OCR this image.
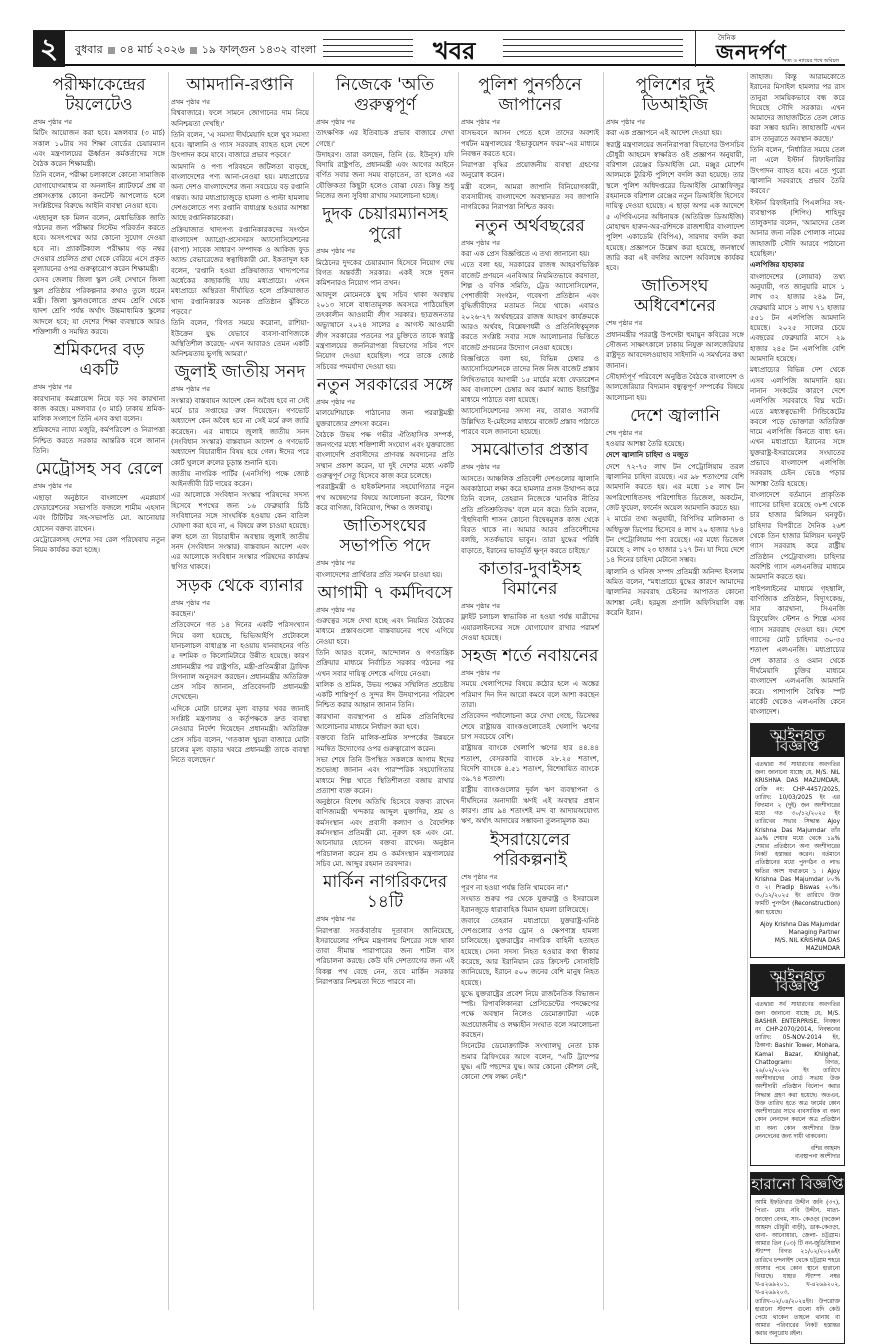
২	বুধবার ০৪ মার্চ ২০২৬ ১৯ ফাল্গুন ১৪৩২ বাংলা	খবর	দৈনিক
জনদর্পণ
সত্য ও ন্যায়ের পথে অবিচল
পরীক্ষাকেন্দ্রের টয়লেটেও
প্রথম পৃষ্ঠার পর

মিটিং আয়োজন করা হবে। মঙ্গলবার (৩ মার্চ) সকাল ১০টায় সব শিক্ষা বোর্ডের চেয়ারম্যান এবং মন্ত্রণালয়ের ঊর্ধ্বতন কর্মকর্তাদের সঙ্গে বৈঠক করেন শিক্ষামন্ত্রী।

তিনি বলেন, পরীক্ষা চলাকালে কোনো সামাজিক যোগাযোগমাধ্যম বা অনলাইন প্ল্যাটফর্মে প্রশ্ন বা প্রশ্নসংক্রান্ত কোনো কনটেন্ট আপলোড হলে সংশ্লিষ্টদের বিরুদ্ধে আইনি ব্যবস্থা নেওয়া হবে।

এহছানুল হক মিলন বলেন, মেধাভিত্তিক জাতি গঠনের জন্য পরীক্ষার সিস্টেম পরিবর্তন করতে হবে। অসৎপথের আর কোনো সুযোগ দেওয়া হবে না। প্র্যাকটিক্যাল পরীক্ষায় গড় নম্বর দেওয়ার প্রচলিত প্রথা থেকে বেরিয়ে এসে প্রকৃত মূল্যায়নের ওপর গুরুত্বারোপ করেন শিক্ষামন্ত্রী।

যেসব জেলায় জিলা স্কুল নেই সেখানে জিলা স্কুল প্রতিষ্ঠার পরিকল্পনার কথাও তুলে ধরেন মন্ত্রী। জিলা স্কুলগুলোতে প্রথম শ্রেণি থেকে দ্বাদশ শ্রেণি পর্যন্ত অর্থাৎ উচ্চমাধ্যমিক স্কুলের আদলে হবে; যা দেশের শিক্ষা ব্যবস্থাকে আরও শক্তিশালী ও সমন্বিত করবে।

শ্রমিকদের বড় একটি
প্রথম পৃষ্ঠার পর

কারখানায় কমপ্লায়েন্স নিয়ে বড় সব কারখানা কাজ করছে। মঙ্গলবার (৩ মার্চ) ঢাকায় শ্রমিক-মালিক সংলাপে তিনি এসব কথা বলেন।

শ্রমিকদের ন্যায্য মজুরি, কর্মপরিবেশ ও নিরাপত্তা নিশ্চিত করতে সরকার আন্তরিক বলে জানান তিনি।

মেট্রোসহ সব রেলে
প্রথম পৃষ্ঠার পর

এছাড়া অনুষ্ঠানে বাংলাদেশ এমপ্লয়ার্স ফেডারেশনের সভাপতি ফজলে শামীম এহসান এবং টিটিটির সহ-সভাপতি মো. আনোয়ার হোসেন বক্তব্য রাখেন।

মেট্রোরেলসহ দেশের সব রেল পরিষেবায় নতুন নিয়ম কার্যকর করা হচ্ছে।

আমদানি-রপ্তানি
প্রথম পৃষ্ঠার পর

বিশ্ববাজারে। ফলে সামনে জোগানের দাম নিয়ে অনিশ্চয়তা দেখছি।'

তিনি বলেন, 'এ সমস্যা দীর্ঘমেয়াদি হলে খুব সমস্যা হবে। জ্বালানি ও গ্যাস সরবরাহ ব্যাহত হলে দেশে উৎপাদন কমে যাবে। বাজারে প্রভাব পড়বে।'

আমদানি ও পণ্য পরিবহনে জটিলতা বাড়ছে, বাংলাদেশের পণ্য আনা-নেওয়া হয়। মধ্যপ্রাচ্যের অন্য দেশও বাংলাদেশের জন্য সবচেয়ে বড় রপ্তানি গন্তব্য। আর মধ্যপ্রাচ্যজুড়ে হামলা ও পাল্টা হামলায় দেশগুলোতে পণ্য রপ্তানি বাধাগ্রস্ত হওয়ার আশঙ্কা আছে রপ্তানিকারকেরা।

প্রক্রিয়াজাত খাদ্যপণ্য রপ্তানিকারকদের সংগঠন বাংলাদেশ অ্যাগ্রো-প্রসেসরস অ্যাসোসিয়েশনের (বাপা) সাবেক সাধারণ সম্পাদক ও আকিজ ফুড অ্যান্ড বেভারেজের স্বত্বাধিকারী মো. ইকতাদুল হক বলেন, 'রপ্তানি হওয়া প্রক্রিয়াজাত খাদ্যপণ্যের অর্ধেকের কাছাকাছি যায় মধ্যপ্রাচ্যে। এখন মধ্যপ্রাচ্যে অস্থিরতা দীর্ঘায়িত হলে প্রক্রিয়াজাত খাদ্য রপ্তানিকারক অনেক প্রতিষ্ঠান ঝুঁকিতে পড়বে।'

তিনি বলেন, 'বিগত সময়ে করোনা, রাশিয়া-ইউক্রেন যুদ্ধ যেভাবে ব্যবসা-বাণিজ্যকে অস্থিতিশীল করেছে- এখন আবারও তেমন একটি অনিশ্চয়তায় ভুগছি আমরা।'

জুলাই জাতীয় সনদ
প্রথম পৃষ্ঠার পর

সংস্কার) বাস্তবায়ন আদেশ কেন অবৈধ হবে না সেই মর্মে চার সপ্তাহের রুল দিয়েছেন। গণভোট অধ্যাদেশ কেন অবৈধ হবে না সেই মর্মে রুল জারি করেছেন। এর মাধ্যমে জুলাই জাতীয় সনদ (সংবিধান সংস্কার) বাস্তবায়ন আদেশ ও গণভোট অধ্যাদেশ বিচারাধীন বিষয় হয়ে গেল। ঈদের পরে কোর্ট খুললে রুলের চূড়ান্ত শুনানি হবে।

জাতীয় নাগরিক পার্টির (এনসিপি) পক্ষে জ্যেষ্ঠ আইনজীবী রিট দায়ের করেন।

এর আলোকে সংবিধান সংস্কার পরিষদের সদস্য হিসেবে শপথের জন্য ১৬ ফেব্রুয়ারি চিঠি সংবিধানের সঙ্গে সাংঘর্ষিক হওয়ায় কেন বাতিল ঘোষণা করা হবে না, এ বিষয়ে রুল চাওয়া হয়েছে। রুল হলে তা বিচারাধীন অবস্থায় জুলাই জাতীয় সনদ (সংবিধান সংস্কার) বাস্তবায়ন আদেশ এবং এর আলোকে সংবিধান সংস্কার পরিষদের কার্যক্রম স্থগিত থাকবে।

সড়ক থেকে ব্যানার
প্রথম পৃষ্ঠার পর

করছেন।'

প্রতিবেদনে গত ১৪ দিনের একটি পরিসংখ্যান দিয়ে বলা হয়েছে, ভিভিআইপি প্রটোকলে যানচলাচল বাধাগ্রস্ত না হওয়ায় যানবাহনের গতি ৫ দশমিক ৩ কিলোমিটারে উন্নীত হয়েছে। কারণ প্রধানমন্ত্রীর পর রাষ্ট্রপতি, মন্ত্রী-প্রতিমন্ত্রীরা ট্রাফিক সিগন্যাল অনুসরণ করছেন। প্রধানমন্ত্রীর অতিরিক্ত প্রেস সচিব জানান, প্রতিবেদনটি প্রধানমন্ত্রী দেখেছেন।

এদিকে মোটা চালের মূল্য বাড়ার খবর জানাই সংশ্লিষ্ট মন্ত্রণালয় ও কর্তৃপক্ষকে দ্রুত ব্যবস্থা নেওয়ার নির্দেশ দিয়েছেন প্রধানমন্ত্রী। অতিরিক্ত প্রেস সচিব বলেন, 'গতকাল খুচরা বাজারে মোটা চালের মূল্য বাড়ার খবরে প্রধানমন্ত্রী তাকে ব্যবস্থা নিতে বলেছেন।'

নিজেকে 'অতি গুরুত্বপূর্ণ
প্রথম পৃষ্ঠার পর

তাৎক্ষণিক এর ইতিবাচক প্রভাব বাজারে দেখা গেছে।'

উদাহরণ। তারা বলছেন, তিনি (ড. ইউনূস) যদি বিদায়ি রাষ্ট্রপতি, প্রধানমন্ত্রী এবং আগের আইনে বর্ণিত সবার জন্য সময় বাড়াতেন, তা হলেও এর যৌক্তিকতা কিছুটা হলেও বোঝা যেত। কিন্তু শুধু নিজের জন্য সুবিধা রাখায় সমালোচনা হচ্ছে।

দুদক চেয়ারম্যানসহ পুরো
প্রথম পৃষ্ঠার পর

মিঠেনের দুদকের চেয়ারম্যান হিসেবে নিয়োগ দেয় বিগত অন্তর্বর্তী সরকার। একই সঙ্গে দুজন কমিশনারও নিয়োগ পান তখন।

আবদুল মোমেনকে যুগ্ম সচিব থাকা অবস্থায় ২০১৩ সালে বাধ্যতামূলক অবসরে পাঠিয়েছিল তৎকালীন আওয়ামী লীগ সরকার। ছাত্রজনতার অভ্যুত্থানে ২০২৪ সালের ৫ আগস্ট আওয়ামী লীগ সরকারের পতনের পর চুক্তিতে তাকে স্বরাষ্ট্র মন্ত্রণালয়ের জননিরাপত্তা বিভাগের সচিব পদে নিয়োগ দেওয়া হয়েছিল। পরে তাকে জ্যেষ্ঠ সচিবের পদমর্যাদা দেওয়া হয়।

নতুন সরকারের সঙ্গে
প্রথম পৃষ্ঠার পর

মালয়েশিয়াকে পাঠানোর জন্য পররাষ্ট্রমন্ত্রী যুক্তরাজ্যের প্রশংসা করেন।

বৈঠকে উভয় পক্ষ গভীর ঐতিহাসিক সম্পর্ক, জনগণের মধ্যে শক্তিশালী সংযোগ এবং যুক্তরাজ্যে বাংলাদেশি প্রবাসীদের প্রাণবন্ত অবদানের প্রতি সম্মান প্রকাশ করেন, যা দুই দেশের মধ্যে একটি গুরুত্বপূর্ণ সেতু হিসেবে কাজ করে চলেছে।

পররাষ্ট্রমন্ত্রী ও হাইকমিশনার সহযোগিতার নতুন পথ অন্বেষণের বিষয়ে আলোচনা করেন, বিশেষ করে বাণিজ্য, বিনিয়োগ, শিক্ষা ও জলবায়ু।

জাতিসংঘের সভাপতি পদে
প্রথম পৃষ্ঠার পর

বাংলাদেশের প্রার্থিতার প্রতি সমর্থন চাওয়া হয়।

আগামী ৭ কর্মদিবসে
প্রথম পৃষ্ঠার পর

গুরুত্বের সঙ্গে দেখা হচ্ছে এবং নিয়মিত বৈঠকের মাধ্যমে প্রস্তাবগুলো বাস্তবায়নের পথে এগিয়ে নেওয়া হবে।

তিনি আরও বলেন, আন্দোলন ও গণতান্ত্রিক প্রক্রিয়ার মাধ্যমে নির্বাচিত সরকার গঠনের পর এখন সবার দায়িত্ব দেশকে এগিয়ে নেওয়া।

মালিক ও শ্রমিক, উভয় পক্ষের সম্মিলিত প্রচেষ্টায় একটি শান্তিপূর্ণ ও সুন্দর ঈদ উদযাপনের পরিবেশ নিশ্চিত করার আহ্বান জানান তিনি।

কারখানা ব্যবস্থাপনা ও শ্রমিক প্রতিনিধিদের আলোচনার মাধ্যমে নির্ধারণ করা হবে।

বক্তব্যে তিনি মালিক-শ্রমিক সম্পর্কের উন্নয়নে সমন্বিত উদ্যোগের ওপর গুরুত্বারোপ করেন।

সভা শেষে তিনি উপস্থিত সকলকে আগাম ঈদের শুভেচ্ছা জানান এবং পারস্পরিক সহযোগিতার মাধ্যমে শিল্প খাতে স্থিতিশীলতা বজায় রাখার প্রত্যাশা ব্যক্ত করেন।

অনুষ্ঠানে বিশেষ অতিথি হিসেবে বক্তব্য রাখেন বাণিজ্যমন্ত্রী খন্দকার আব্দুল মুক্তাদির, শ্রম ও কর্মসংস্থান এবং প্রবাসী কল্যাণ ও বৈদেশিক কর্মসংস্থান প্রতিমন্ত্রী মো. নূরুল হক এবং মো. আনোয়ার হোসেন বক্তব্য রাখেন। অনুষ্ঠান পরিচালনা করেন শ্রম ও কর্মসংস্থান মন্ত্রণালয়ের সচিব মো. আব্দুর রহমান তরফদার।

মার্কিন নাগরিকদের ১৪টি
প্রথম পৃষ্ঠার পর

নিরাপত্তা সতর্কবার্তায় দূতাবাস জানিয়েছে, ইসরায়েলের পশ্চিম মন্ত্রণালয় মিশরের সঙ্গে থাকা তাবা সীমান্ত পারাপারের জন্য শাটল বাস পরিচালনা করছে। কেউ যদি দেশত্যাগের জন্য এই বিকল্প পথ বেছে নেন, তবে মার্কিন সরকার নিরাপত্তার নিশ্চয়তা দিতে পারবে না।

পুলিশ পুনর্গঠনে জাপানের
প্রথম পৃষ্ঠার পর

বাসভবনে আসন পেতে হলে তাদের অবশ্যই পর্যটন মন্ত্রণালয়ের 'ইভাকুয়েশন ফরম'-এর মাধ্যমে নিবন্ধন করতে হবে।

নিরাপত্তা বৃদ্ধির প্রয়োজনীয় ব্যবস্থা গ্রহণের অনুরোধ করেন।

মন্ত্রী বলেন, আমরা জাপানি বিনিয়োগকারী, ব্যবসায়ীসহ বাংলাদেশে অবস্থানরত সব জাপানি নাগরিকের নিরাপত্তা নিশ্চিত করব।

নতুন অর্থবছরের
প্রথম পৃষ্ঠার পর

করা এক প্রেস বিজ্ঞপ্তিতে এ তথ্য জানানো হয়।

এতে বলা হয়, সরকারের রাজস্ব আহরণভিত্তিক বাজেট প্রণয়নে এনবিআর নিয়মিতভাবে করদাতা, শিল্প ও বণিক সমিতি, ট্রেড অ্যাসোসিয়েশন, পেশাজীবী সংগঠন, গবেষণা প্রতিষ্ঠান এবং বুদ্ধিজীবীদের মতামত নিয়ে থাকে। এবারও ২০২৬-২৭ অর্থবছরের রাজস্ব আহরণ কার্যক্রমকে আরও অর্থবহ, বিশ্লেষণধর্মী ও প্রতিনিধিত্বমূলক করতে সংশ্লিষ্ট সবার সঙ্গে আলোচনার ভিত্তিতে বাজেট প্রণয়নের উদ্যোগ নেওয়া হয়েছে।

বিজ্ঞপ্তিতে বলা হয়, বিভিন্ন চেম্বার ও অ্যাসোসিয়েশনকে তাদের নিজ নিজ বাজেট প্রস্তাব লিখিতভাবে আগামী ১৫ মার্চের মধ্যে ফেডারেশন অব বাংলাদেশ চেম্বার অব কমার্স অ্যান্ড ইন্ডাস্ট্রির মাধ্যমে পাঠাতে বলা হয়েছে।

অ্যাসোসিয়েশনের সদস্য নয়, তারাও সরাসরি উল্লিখিত ই-মেইলের মাধ্যমে বাজেট প্রস্তাব পাঠাতে পারবে বলে জানানো হয়েছে।

সমঝোতার প্রস্তাব
প্রথম পৃষ্ঠার পর

আসতে। আঞ্চলিক প্রতিবেশী দেশগুলোর জ্বালানি অবকাঠামো লক্ষ্য করে হামলার প্রসঙ্গ উত্থাপন করে তিনি বলেন, তেহরান নিজেকে 'মানবিক নীতির প্রতি প্রতিশ্রুতিবদ্ধ' বলে মনে করে। তিনি বলেন, 'ইহুদিবাদী শাসন কোনো বিদ্বেষমূলক কাজ থেকে বিরত থাকে না। আমার আরব প্রতিবেশীদের বলছি, সতর্কভাবে ভাবুন। তারা যুদ্ধের পরিধি বাড়াতে, ইরানের ভাবমূর্তি ক্ষুণ্ন করতে চাইছে।'

কাতার-দুবাইসহ বিমানের
প্রথম পৃষ্ঠার পর

ফ্লাইট চলাচল স্বাভাবিক না হওয়া পর্যন্ত যাত্রীদের এয়ারলাইনসের সঙ্গে যোগাযোগ রাখার পরামর্শ দেওয়া হয়েছে।

সহজ শর্তে নবায়নের
প্রথম পৃষ্ঠার পর

সময়ে খেলাপিদের বিষয়ে কঠোর হলে এ অঙ্কের পরিমাণ দিন দিন আরো কমবে বলে আশা করছেন তারা।

প্রতিবেদন পর্যালোচনা করে দেখা গেছে, ডিসেম্বর শেষে রাষ্ট্রায়ত্ত ব্যাংকগুলোতেই খেলাপি ঋণের চাপ সবচেয়ে বেশি।

রাষ্ট্রায়ত্ত ব্যাংকে খেলাপি ঋণের হার ৪৪.৪৪ শতাংশ, বেসরকারি ব্যাংকে ২৮.২৫ শতাংশ, বিদেশি ব্যাংকে ৪.৫১ শতাংশ, বিশেষায়িত ব্যাংকে ৩৯.৭৪ শতাংশ।

রাষ্ট্রীয় ব্যাংকগুলোর দুর্বল ঋণ ব্যবস্থাপনা ও দীর্ঘদিনের অনাদায়ী ঋণই এই অবস্থার প্রধান কারণ। প্রায় ৯৪ শতাংশই মন্দ বা আদায়অযোগ্য ঋণ, অর্থাৎ আদায়ের সম্ভাবনা তুলনামূলক কম।

ইসরায়েলের পরিকল্পনাই
শেষ পৃষ্ঠার পর

পূরণ না হওয়া পর্যন্ত তিনি থামবেন না।"

সংঘাত শুরুর পর থেকে যুক্তরাষ্ট্র ও ইসরায়েল ইরানজুড়ে ধারাবাহিক বিমান হামলা চালিয়েছে।

জবাবে তেহরান মধ্যপ্রাচ্যে যুক্তরাষ্ট্র-ঘনিষ্ঠ দেশগুলোর ওপর ড্রোন ও ক্ষেপণাস্ত্র হামলা চালিয়েছে। যুক্তরাষ্ট্রের নাগরিক বাহিনী হতাহত হয়েছে। সেনা সদস্য নিহত হওয়ার কথা স্বীকার করেছে, আর ইরানিয়ান রেড ক্রিসেন্ট সোসাইটি জানিয়েছে, ইরানে ৫০০ জনের বেশি মানুষ নিহত হয়েছে।

যুদ্ধে যুক্তরাষ্ট্রের প্রবেশ নিয়ে রাজনৈতিক বিভাজন স্পষ্ট। রিপাবলিকানরা প্রেসিডেন্টের পদক্ষেপের পক্ষে অবস্থান নিলেও ডেমোক্র্যাটরা একে অপ্রয়োজনীয় ও লক্ষ্যহীন সংঘাত বলে সমালোচনা করছেন।

সিনেটের ডেমোক্র্যাটিক সংখ্যালঘু নেতা চাক শুমার ব্রিফিংয়ের আগে বলেন, "এটি ট্রাম্পের যুদ্ধ। এটি পছন্দের যুদ্ধ। আর কোনো কৌশল নেই, কোনো শেষ লক্ষ্য নেই।"

পুলিশের দুই ডিআইজি
প্রথম পৃষ্ঠার পর

করা এক প্রজ্ঞাপনে এই আদেশ দেওয়া হয়।

স্বরাষ্ট্র মন্ত্রণালয়ের জননিরাপত্তা বিভাগের উপসচিব চৌধুরী আহমেদ স্বাক্ষরিত ওই প্রজ্ঞাপন অনুযায়ী, বরিশাল রেঞ্জের ডিআইজি মো. মঞ্জুর মোর্শেদ আলমকে ট্যুরিস্ট পুলিশে বদলি করা হয়েছে। তার স্থলে পুলিশ অধিদপ্তরের ডিআইজি মোস্তাফিজুর রহমানকে বরিশাল রেঞ্জের নতুন ডিআইজি হিসেবে দায়িত্ব দেওয়া হয়েছে। এ ছাড়া অপর এক আদেশে ৫ এপিবিএনের অধিনায়ক (অতিরিক্ত ডিআইজি) মোহাম্মদ হারুন-অর-রশিদকে রাজশাহীর বাংলাদেশ পুলিশ একাডেমি (বিপিএ), সারদায় বদলি করা হয়েছে। প্রজ্ঞাপনে উল্লেখ করা হয়েছে, জনস্বার্থে জারি করা এই বদলির আদেশ অবিলম্বে কার্যকর হবে।

জাতিসংঘ অধিবেশনের
শেষ পৃষ্ঠার পর

প্রধানমন্ত্রীর পররাষ্ট্র উপদেষ্টা হুমায়ুন কবিরের সঙ্গে সৌজন্য সাক্ষাৎকালে ঢাকায় নিযুক্ত আলজেরিয়ার রাষ্ট্রদূত আবদেলওয়াহাব সাইদানি এ সমর্থনের কথা জানান।

সৌহার্দ্যপূর্ণ পরিবেশে অনুষ্ঠিত বৈঠকে বাংলাদেশ ও আলজেরিয়ার বিদ্যমান বন্ধুত্বপূর্ণ সম্পর্কের বিষয়ে আলোচনা হয়।

দেশে জ্বালানি
শেষ পৃষ্ঠার পর

হওয়ার আশঙ্কা তৈরি হয়েছে।

দেশে জ্বালানি চাহিদা ও মজুত

দেশে ৭২-৭৫ লাখ টন পেট্রোলিয়াম তরল জ্বালানির চাহিদা রয়েছে। এর ৯৮ শতাংশের বেশি আমদানি করতে হয়। এর মধ্যে ১৫ লাখ টন অপরিশোধিতসহ পরিশোধিত ডিজেল, অকটেন, জেট ফুয়েল, ফার্নেস অয়েল আমদানি করতে হয়।

২ মার্চের তথ্য অনুযায়ী, বিপিসির মালিকানা ও অধিভুক্ত ডিপোর হিসেবে ৪ লাখ ২০ হাজার ৭৮৪ টন পেট্রোলিয়াম পণ্য রয়েছে। এর মধ্যে ডিজেল রয়েছে ২ লাখ ২৩ হাজার ১২৭ টন। যা দিয়ে দেশে ১৪ দিনের চাহিদা মেটানো সম্ভব।

জ্বালানি ও খনিজ সম্পদ প্রতিমন্ত্রী অনিন্দ্য ইসলাম অমিত বলেন, "মধ্যপ্রাচ্যে যুদ্ধের কারণে আমাদের জ্বালানির সরবরাহ চেইনের আপাতত কোনো আশঙ্কা নেই। হরমুজ প্রণালি অফিসিয়ালি বন্ধ করেনি ইরান।

জাহাজ। কিন্তু আরামকোতে ইরানের মিসাইল হামলার পর রাস তানুরা সাময়িকভাবে বন্ধ করে দিয়েছে সৌদি সরকার। এখন আমাদের জাহাজটিতে তেল লোড করা সম্ভব হয়নি। জাহাজটি এখন রাস তানুরাতে অবস্থান করছে।'

তিনি বলেন, 'নির্ধারিত সময়ে তেল না এলে ইস্টার্ন রিফাইনারির উৎপাদন ব্যাহত হবে। এতে পুরো জ্বালানি সরবরাহে প্রভাব তৈরি করবে।'

ইস্টার্ন রিফাইনারি পিএলসির সহ-ব্যবস্থাপক (শিপিং) শাহিদুর তালুকদার বলেন, 'আমাদের তেল আনার জন্য নরিক পোলাক নামের জাহাজটি সৌদি আরবে পাঠানো হয়েছিল।'

এলপিজির হাহাকার

বাংলাদেশের (লোয়াব) তথ্য অনুযায়ী, গত জানুয়ারি মাসে ১ লাখ ৩২ হাজার ২৪৯ টন, ফেব্রুয়ারি মাসে ১ লাখ ৭১ হাজার ৫৫১ টন এলপিজি আমদানি হয়েছে। ২০২৫ সালের চেয়ে এবছরের ফেব্রুয়ারি মাসে ২৯ হাজার ২৪৫ টন এলপিজি বেশি আমদানি হয়েছে।

মধ্যপ্রাচ্যের বিভিন্ন দেশ থেকে এসব এলপিজি আমদানি হয়। নানান সংকটের কারণে দেশে এলপিজি সরবরাহে বিঘ্ন ঘটে। এতে মধ্যস্বত্বভোগী সিন্ডিকেটের কবলে পড়ে ভোক্তারা অতিরিক্ত দামে এলপিজি কিনতে বাধ্য হন। এখন মধ্যপ্রাচ্যে ইরানের সঙ্গে যুক্তরাষ্ট্র-ইসরায়েলের সংঘাতের প্রভাবে বাংলাদেশ এলপিজি সরবরাহ চেইন ভেঙে পড়ার আশঙ্কা তৈরি হয়েছে।

বাংলাদেশে বর্তমানে প্রাকৃতিক গ্যাসের চাহিদা রয়েছে ৩৮শ থেকে চার হাজার মিলিয়ন ঘনফুট। চাহিদার বিপরীতে দৈনিক ২৬শ থেকে তিন হাজার মিলিয়ন ঘনফুট গ্যাস সরবরাহ করে রাষ্ট্রীয় প্রতিষ্ঠান পেট্রোবাংলা। চাহিদার অবশিষ্ট গ্যাস এলএনজির মাধ্যমে আমদানি করতে হয়।

পাইপলাইনের মাধ্যমে গৃহস্থালি, বাণিজ্যিক প্রতিষ্ঠান, বিদ্যুৎকেন্দ্র, সার কারখানা, সিএনজি রিফুয়েলিং স্টেশন ও শিল্পে এসব গ্যাস সরবরাহ দেওয়া হয়। দেশে গ্যাসের মোট চাহিদার ৩০-৩৫ শতাংশ এলএনজি। মধ্যপ্রাচ্যের দেশ কাতার ও ওমান থেকে দীর্ঘমেয়াদি চুক্তির মাধ্যমে বাংলাদেশ এলএনজি আমদানি করে। পাশাপাশি বৈশ্বিক স্পট মার্কেট থেকেও এলএনজি কেনে বাংলাদেশ।

আইনগত বিজ্ঞপ্তি
এতদ্বারা সর্ব সাধারণের অবগতির জন্য জানানো যাচ্ছে যে, M/S. NIL KRISHNA DAS MAZUMDAR, রেজি নং: CHP-4457/2025, তারিখ: 10/03/2025 ইং এর বিদ্যমান ২ (দুই) জন অংশীদারের মধ্যে গত ৩০/১২/২০২৫ ইং তারিখের সভার সিদ্ধান্ত Ajoy Krishna Das Majumdar তাঁর ৯৯% শেয়ার মধ্যে থেকে ১৯% শেয়ার প্রতিষ্ঠানে অন্য অংশীদারের নিকট হস্তান্তর করেন। বর্তমানে প্রতিষ্ঠানের মধ্যে পুনর্গঠন ও লাভ ক্ষতির অংশ যথাক্রমে ১ । Ajoy Krishna Das Majumdar ৮০% ও ২। Pradip Biswas ২০%। ৩০/১২/২০২৫ ইং তারিখে উক্ত ফার্মটি পুনর্গঠন (Reconstruction) করা হয়েছে।
Ajoy Krishna Das Majumdar
Managing Partner
M/S. NIL KRISHNA DAS MAZUMDAR
আইনগত বিজ্ঞপ্তি
এতদ্বারা সর্ব সাধারণের অবগতির জন্য জানানো যাচ্ছে যে, M/S. BASHIR ENTERPRISE, নিবন্ধন নং CHP-2070/2014, নিবন্ধনের তারিখ: 05-NOV-2014 ইং, ঠিকানা: Bashir Tower, Mohara, Kamal Bazar, Khilghat, Chattogram। বিগত, ২৬/০২/২০২৬ ইং তারিখে অংশীদারদের বোর্ড সভায় উক্ত অংশীদারী প্রতিষ্ঠান বিলোপ করার সিদ্ধান্ত গ্রহণ করা হয়েছে। অতএব, উক্ত তারিখ হতে অত্র ফার্মের কোন অংশীদারের সাথে ব্যবসায়িক বা অন্য কোন লেনদেন করলে অত্র প্রতিষ্ঠান বা অন্য কোন অংশীদার উক্ত লেনদেনের জন্য দায়ী থাকবেনা।
বশির আহমদ
ব্যবস্থাপনা অংশীদার
হারানো বিজ্ঞপ্তি
আমি ইফতিখার উদ্দীন জনি (৩৭), পিতা- মোঃ নবি উদ্দীন, মাতা- জাহেদা বেগম, সাং- কেওড়া (ফজেল আহমদ চৌধুরী বাড়ী), ডাক-কেওড়া, থানা- আনোয়ারা, জেলা- চট্টগ্রাম। আমার তিন (০৩) টি নন-জুডিসিয়াল স্ট্যাম্প বিগত ২১/০২/২০২৬ইং তারিখে চন্দনাইশ থেকে চট্টগ্রাম শহরে আসার পথে কোন স্থানে হারানো গিয়াছে। যাহার স্ট্যাম্প নম্বর খ-৪২৬৯২০১, খ-৪২৬৯২০২, খ-৪২৬৯২০৩, তারিখ-০২/০৪/২০২৪ইং। উপরোক্ত হারানো স্ট্যাম্প গুলো যদি কেউ পেয়ে থাকেন তাহলে থানায় বা আমার পরিবারের নিকট হস্তান্তর করার অনুরোধ রইল।
